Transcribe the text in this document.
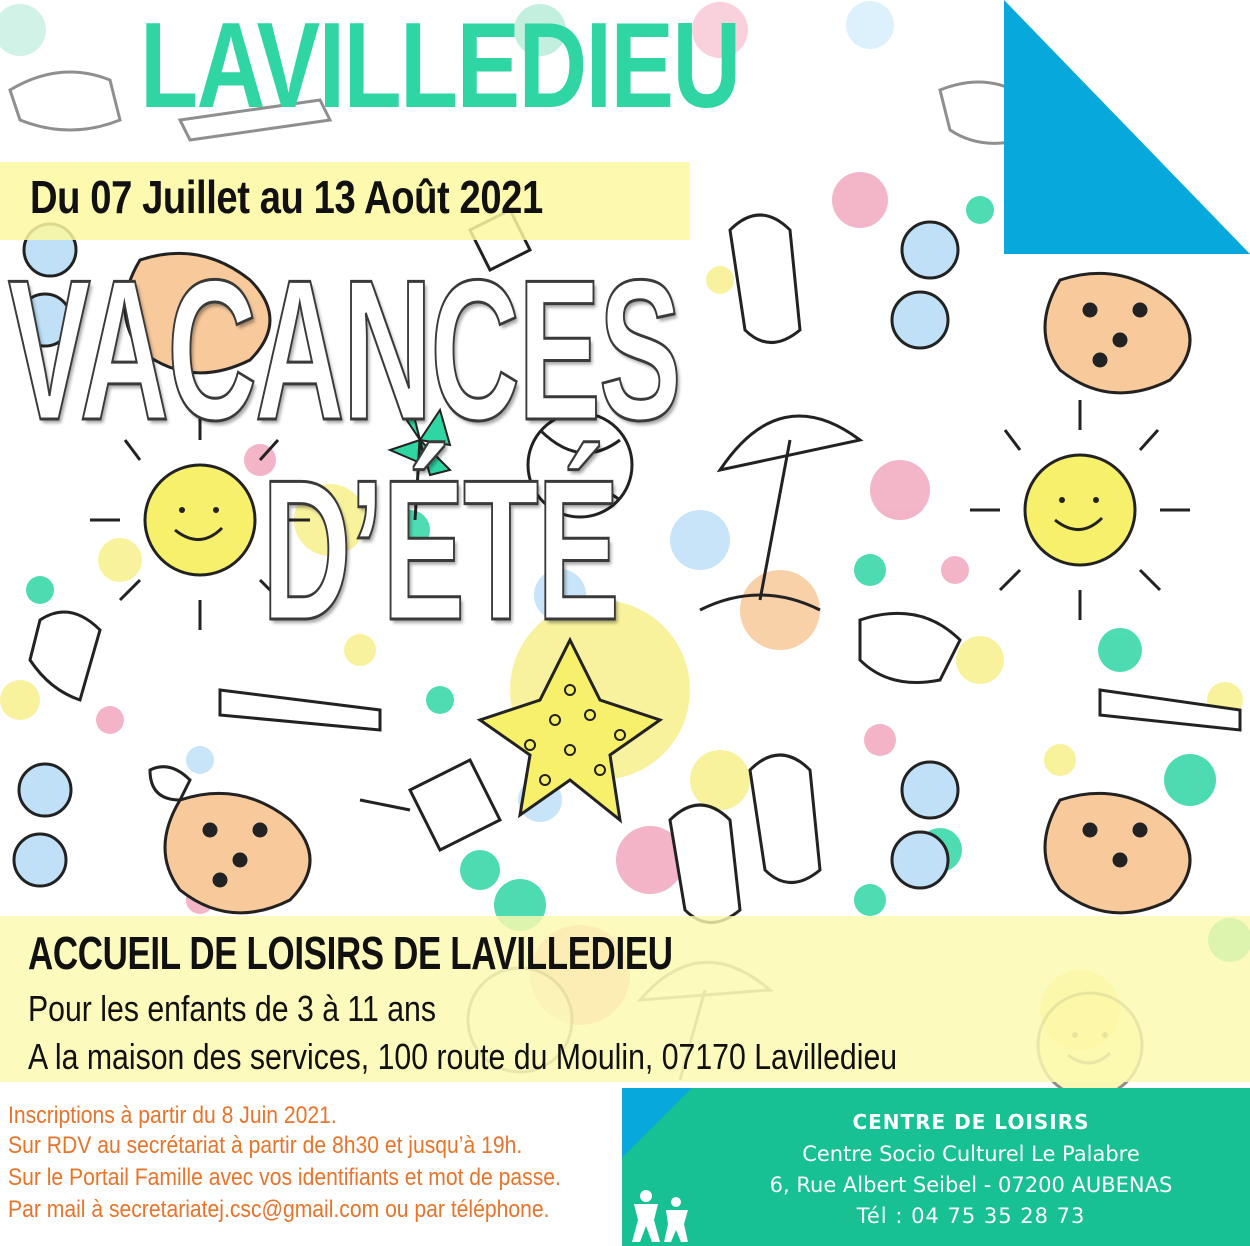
LAVILLEDIEU

Du 07 Juillet au 13 Août 2021

VACANCES
D’ÉTÉ

ACCUEIL DE LOISIRS DE LAVILLEDIEU

Pour les enfants de 3 à 11 ans

A la maison des services, 100 route du Moulin, 07170 Lavilledieu

Inscriptions à partir du 8 Juin 2021.

Sur RDV au secrétariat à partir de 8h30 et jusqu’à 19h.

Sur le Portail Famille avec vos identifiants et mot de passe.

Par mail à secretariatej.csc@gmail.com ou par téléphone.

CENTRE DE LOISIRS

Centre Socio Culturel Le Palabre

6, Rue Albert Seibel - 07200 AUBENAS

Tél : 04 75 35 28 73
